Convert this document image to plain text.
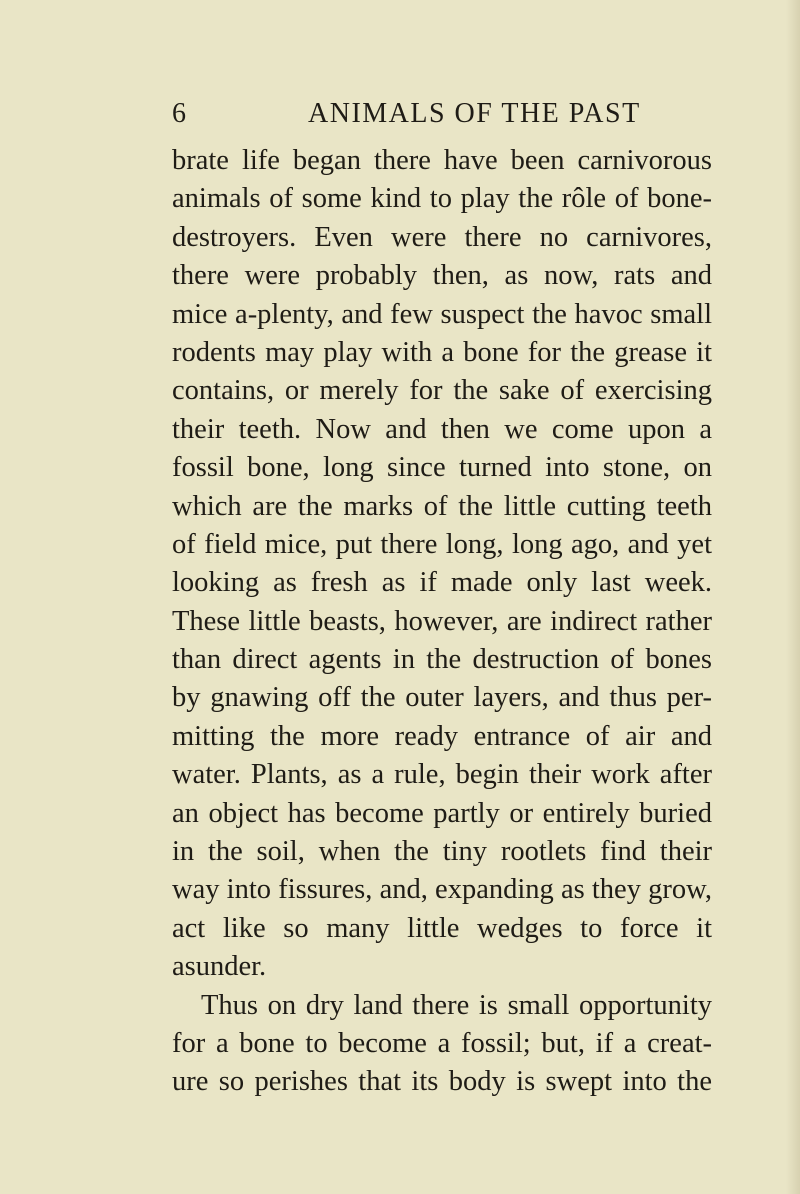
6	ANIMALS OF THE PAST
brate life began there have been carnivorous
animals of some kind to play the rôle of bone-
destroyers. Even were there no carnivores,
there were probably then, as now, rats and
mice a-plenty, and few suspect the havoc small
rodents may play with a bone for the grease it
contains, or merely for the sake of exercising
their teeth. Now and then we come upon a
fossil bone, long since turned into stone, on
which are the marks of the little cutting teeth
of field mice, put there long, long ago, and yet
looking as fresh as if made only last week.
These little beasts, however, are indirect rather
than direct agents in the destruction of bones
by gnawing off the outer layers, and thus per-
mitting the more ready entrance of air and
water. Plants, as a rule, begin their work after
an object has become partly or entirely buried
in the soil, when the tiny rootlets find their
way into fissures, and, expanding as they grow,
act like so many little wedges to force it
asunder.
Thus on dry land there is small opportunity
for a bone to become a fossil; but, if a creat-
ure so perishes that its body is swept into the
